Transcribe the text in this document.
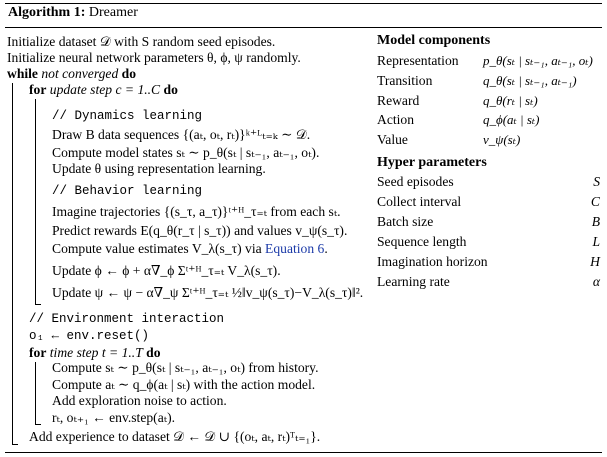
Algorithm 1: Dreamer
Initialize dataset 𝒟 with S random seed episodes.
Initialize neural network parameters θ, ϕ, ψ randomly.
while not converged do
for update step c = 1..C do
// Dynamics learning
Draw B data sequences {(aₜ, oₜ, rₜ)}ᵏ⁺ᴸₜ₌ₖ ∼ 𝒟.
Compute model states sₜ ∼ p_θ(sₜ | sₜ₋₁, aₜ₋₁, oₜ).
Update θ using representation learning.
// Behavior learning
Imagine trajectories {(s_τ, a_τ)}ᵗ⁺ᴴ_τ₌ₜ from each sₜ.
Predict rewards E(q_θ(r_τ | s_τ)) and values v_ψ(s_τ).
Compute value estimates V_λ(s_τ) via Equation 6.
Update ϕ ← ϕ + α∇_ϕ Σᵗ⁺ᴴ_τ₌ₜ V_λ(s_τ).
Update ψ ← ψ − α∇_ψ Σᵗ⁺ᴴ_τ₌ₜ ½‖v_ψ(s_τ)−V_λ(s_τ)‖².
// Environment interaction
o₁ ← env.reset()
for time step t = 1..T do
Compute sₜ ∼ p_θ(sₜ | sₜ₋₁, aₜ₋₁, oₜ) from history.
Compute aₜ ∼ q_ϕ(aₜ | sₜ) with the action model.
Add exploration noise to action.
rₜ, oₜ₊₁ ← env.step(aₜ).
Add experience to dataset 𝒟 ← 𝒟 ∪ {(oₜ, aₜ, rₜ)ᵀₜ₌₁}.
Model components
Representation p_θ(sₜ | sₜ₋₁, aₜ₋₁, oₜ)
Transition	q_θ(sₜ | sₜ₋₁, aₜ₋₁)
Reward	q_θ(rₜ | sₜ)
Action	q_ϕ(aₜ | sₜ)
Value	v_ψ(sₜ)
Hyper parameters
Seed episodes	S
Collect interval	C
Batch size	B
Sequence length	L
Imagination horizon	H
Learning rate	α
